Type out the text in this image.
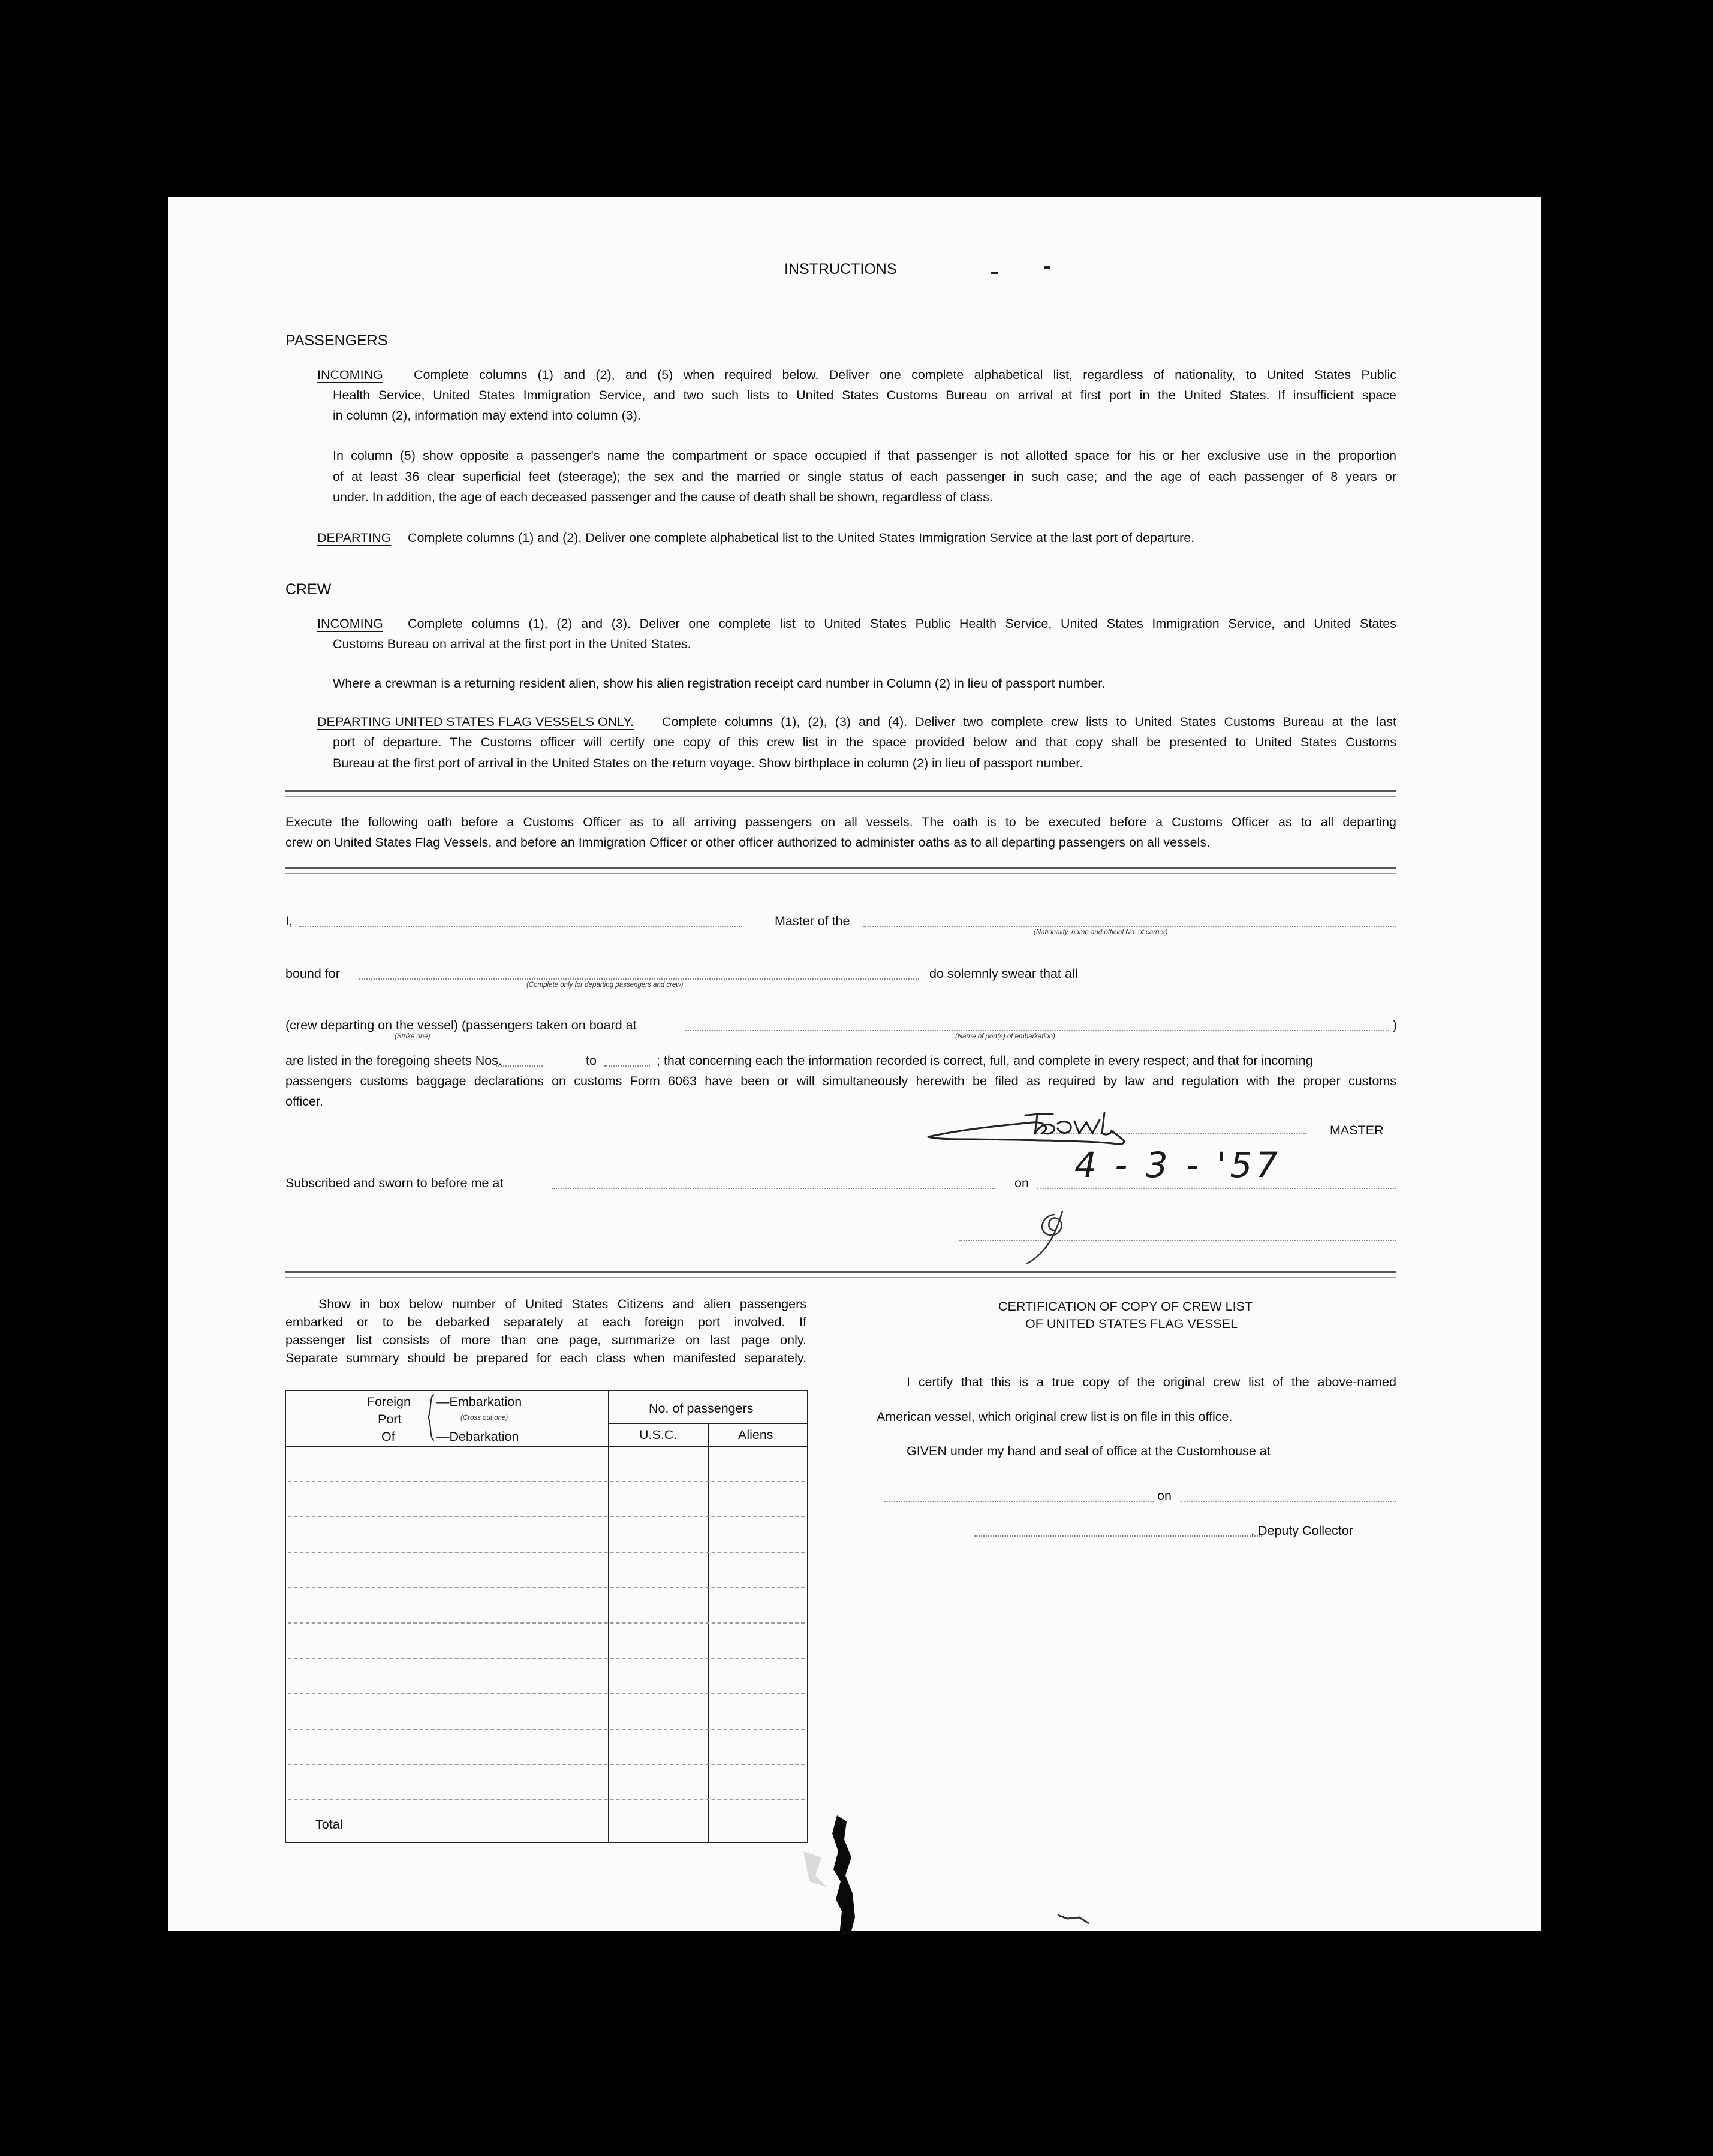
INSTRUCTIONS
PASSENGERS
INCOMING Complete columns (1) and (2), and (5) when required below. Deliver one complete alphabetical list, regardless of nationality, to United States Public
Health Service, United States Immigration Service, and two such lists to United States Customs Bureau on arrival at first port in the United States. If insufficient space
in column (2), information may extend into column (3).
In column (5) show opposite a passenger's name the compartment or space occupied if that passenger is not allotted space for his or her exclusive use in the proportion
of at least 36 clear superficial feet (steerage); the sex and the married or single status of each passenger in such case; and the age of each passenger of 8 years or
under. In addition, the age of each deceased passenger and the cause of death shall be shown, regardless of class.
DEPARTING Complete columns (1) and (2). Deliver one complete alphabetical list to the United States Immigration Service at the last port of departure.
CREW
INCOMING Complete columns (1), (2) and (3). Deliver one complete list to United States Public Health Service, United States Immigration Service, and United States
Customs Bureau on arrival at the first port in the United States.
Where a crewman is a returning resident alien, show his alien registration receipt card number in Column (2) in lieu of passport number.
DEPARTING UNITED STATES FLAG VESSELS ONLY. Complete columns (1), (2), (3) and (4). Deliver two complete crew lists to United States Customs Bureau at the last
port of departure. The Customs officer will certify one copy of this crew list in the space provided below and that copy shall be presented to United States Customs
Bureau at the first port of arrival in the United States on the return voyage. Show birthplace in column (2) in lieu of passport number.
Execute the following oath before a Customs Officer as to all arriving passengers on all vessels. The oath is to be executed before a Customs Officer as to all departing
crew on United States Flag Vessels, and before an Immigration Officer or other officer authorized to administer oaths as to all departing passengers on all vessels.
I,	Master of the
(Nationality, name and official No. of carrier)
bound for
(Complete only for departing passengers and crew)
do solemnly swear that all
(crew departing on the vessel) (passengers taken on board at	)
(Strike one)	(Name of port(s) of embarkation)
are listed in the foregoing sheets Nos.	to	; that concerning each the information recorded is correct, full, and complete in every respect; and that for incoming
passengers customs baggage declarations on customs Form 6063 have been or will simultaneously herewith be filed as required by law and regulation with the proper customs
officer.
MASTER
Subscribed and sworn to before me at	on 4 - 3 - '57
Show in box below number of United States Citizens and alien passengers
embarked or to be debarked separately at each foreign port involved. If
passenger list consists of more than one page, summarize on last page only.
Separate summary should be prepared for each class when manifested separately.
Foreign
Port
Of
—Embarkation
(Cross out one)
—Debarkation
No. of passengers
U.S.C.	Aliens
Total
CERTIFICATION OF COPY OF CREW LIST
OF UNITED STATES FLAG VESSEL
I certify that this is a true copy of the original crew list of the above-named
American vessel, which original crew list is on file in this office.
GIVEN under my hand and seal of office at the Customhouse at
on
, Deputy Collector
